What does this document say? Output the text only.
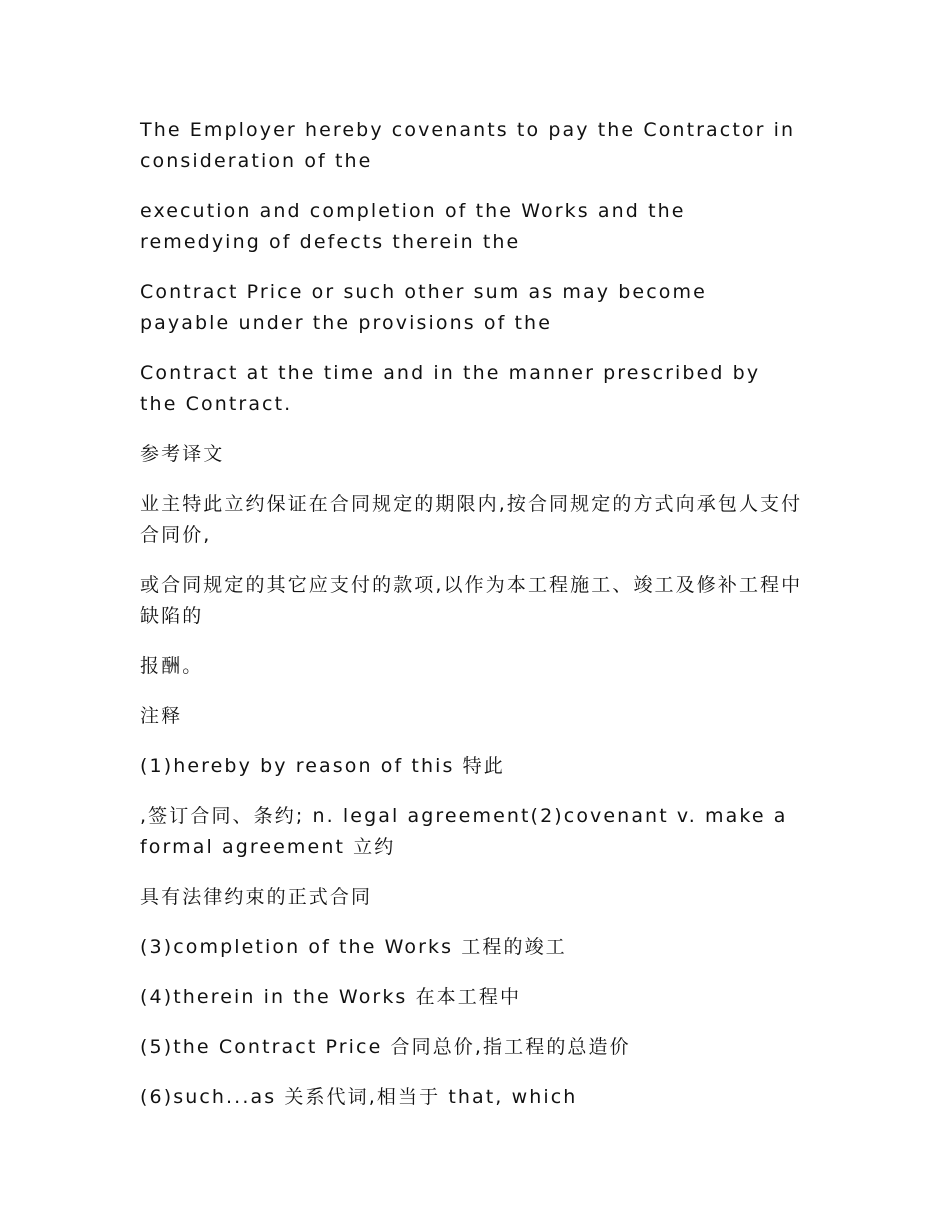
The Employer hereby covenants to pay the Contractor in consideration of the

execution and completion of the Works and the remedying of defects therein the

Contract Price or such other sum as may become payable under the provisions of the

Contract at the time and in the manner prescribed by the Contract.

参考译文

业主特此立约保证在合同规定的期限内,按合同规定的方式向承包人支付合同价,

或合同规定的其它应支付的款项,以作为本工程施工、竣工及修补工程中缺陷的

报酬。

注释

(1)hereby by reason of this 特此

,签订合同、条约; n. legal agreement(2)covenant v. make a formal agreement 立约

具有法律约束的正式合同

(3)completion of the Works 工程的竣工

(4)therein in the Works 在本工程中

(5)the Contract Price 合同总价,指工程的总造价

(6)such...as 关系代词,相当于 that, which
